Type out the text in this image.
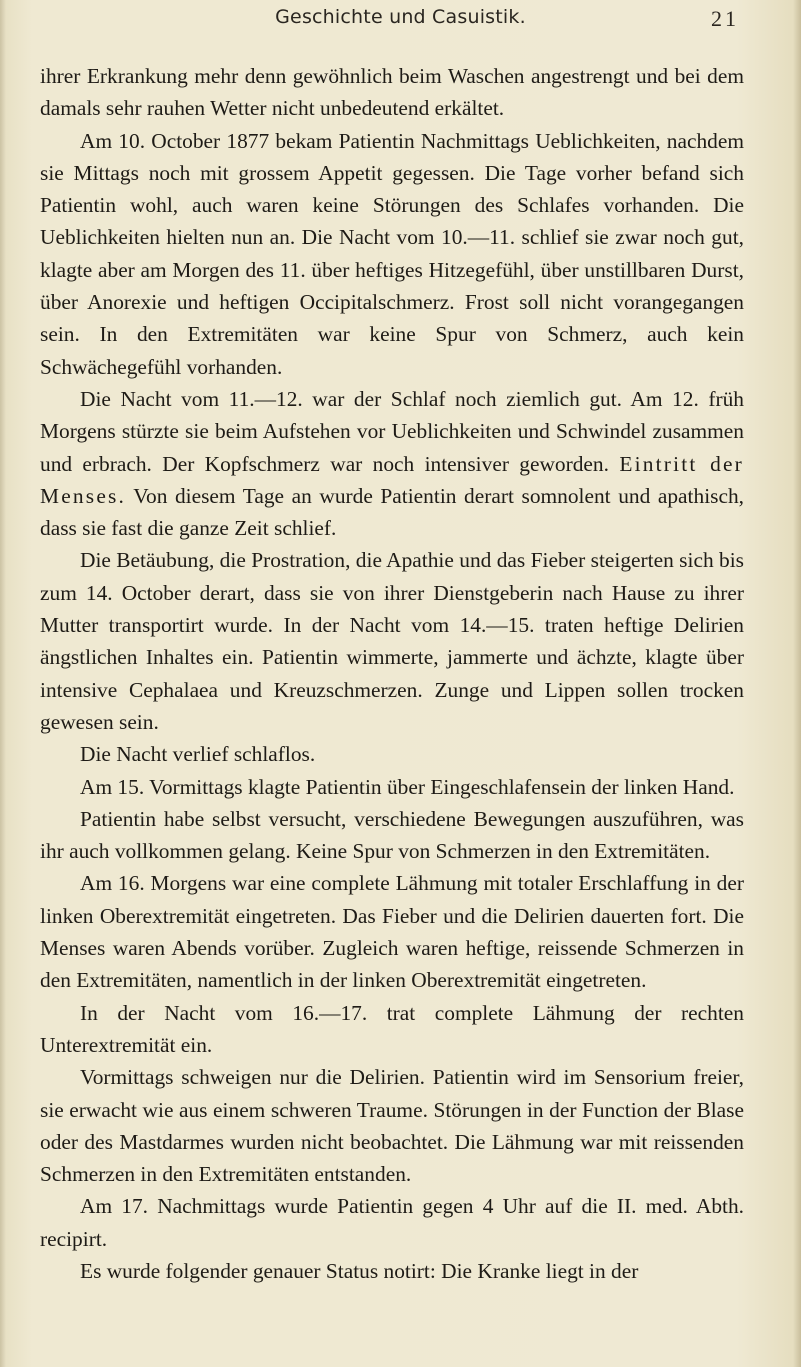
Geschichte und Casuistik.	21

ihrer Erkrankung mehr denn gewöhnlich beim Waschen angestrengt und bei dem damals sehr rauhen Wetter nicht unbedeutend erkältet.

Am 10. October 1877 bekam Patientin Nachmittags Ueblichkeiten, nachdem sie Mittags noch mit grossem Appetit gegessen. Die Tage vorher befand sich Patientin wohl, auch waren keine Störungen des Schlafes vorhanden. Die Ueblichkeiten hielten nun an. Die Nacht vom 10.—11. schlief sie zwar noch gut, klagte aber am Morgen des 11. über heftiges Hitzegefühl, über unstillbaren Durst, über Anorexie und heftigen Occipitalschmerz. Frost soll nicht vorangegangen sein. In den Extremitäten war keine Spur von Schmerz, auch kein Schwächegefühl vorhanden.

Die Nacht vom 11.—12. war der Schlaf noch ziemlich gut. Am 12. früh Morgens stürzte sie beim Aufstehen vor Ueblichkeiten und Schwindel zusammen und erbrach. Der Kopfschmerz war noch intensiver geworden. Eintritt der Menses. Von diesem Tage an wurde Patientin derart somnolent und apathisch, dass sie fast die ganze Zeit schlief.

Die Betäubung, die Prostration, die Apathie und das Fieber steigerten sich bis zum 14. October derart, dass sie von ihrer Dienstgeberin nach Hause zu ihrer Mutter transportirt wurde. In der Nacht vom 14.—15. traten heftige Delirien ängstlichen Inhaltes ein. Patientin wimmerte, jammerte und ächzte, klagte über intensive Cephalaea und Kreuzschmerzen. Zunge und Lippen sollen trocken gewesen sein.

Die Nacht verlief schlaflos.

Am 15. Vormittags klagte Patientin über Eingeschlafensein der linken Hand.

Patientin habe selbst versucht, verschiedene Bewegungen auszuführen, was ihr auch vollkommen gelang. Keine Spur von Schmerzen in den Extremitäten.

Am 16. Morgens war eine complete Lähmung mit totaler Erschlaffung in der linken Oberextremität eingetreten. Das Fieber und die Delirien dauerten fort. Die Menses waren Abends vorüber. Zugleich waren heftige, reissende Schmerzen in den Extremitäten, namentlich in der linken Oberextremität eingetreten.

In der Nacht vom 16.—17. trat complete Lähmung der rechten Unterextremität ein.

Vormittags schweigen nur die Delirien. Patientin wird im Sensorium freier, sie erwacht wie aus einem schweren Traume. Störungen in der Function der Blase oder des Mastdarmes wurden nicht beobachtet. Die Lähmung war mit reissenden Schmerzen in den Extremitäten entstanden.

Am 17. Nachmittags wurde Patientin gegen 4 Uhr auf die II. med. Abth. recipirt.

Es wurde folgender genauer Status notirt: Die Kranke liegt in der
